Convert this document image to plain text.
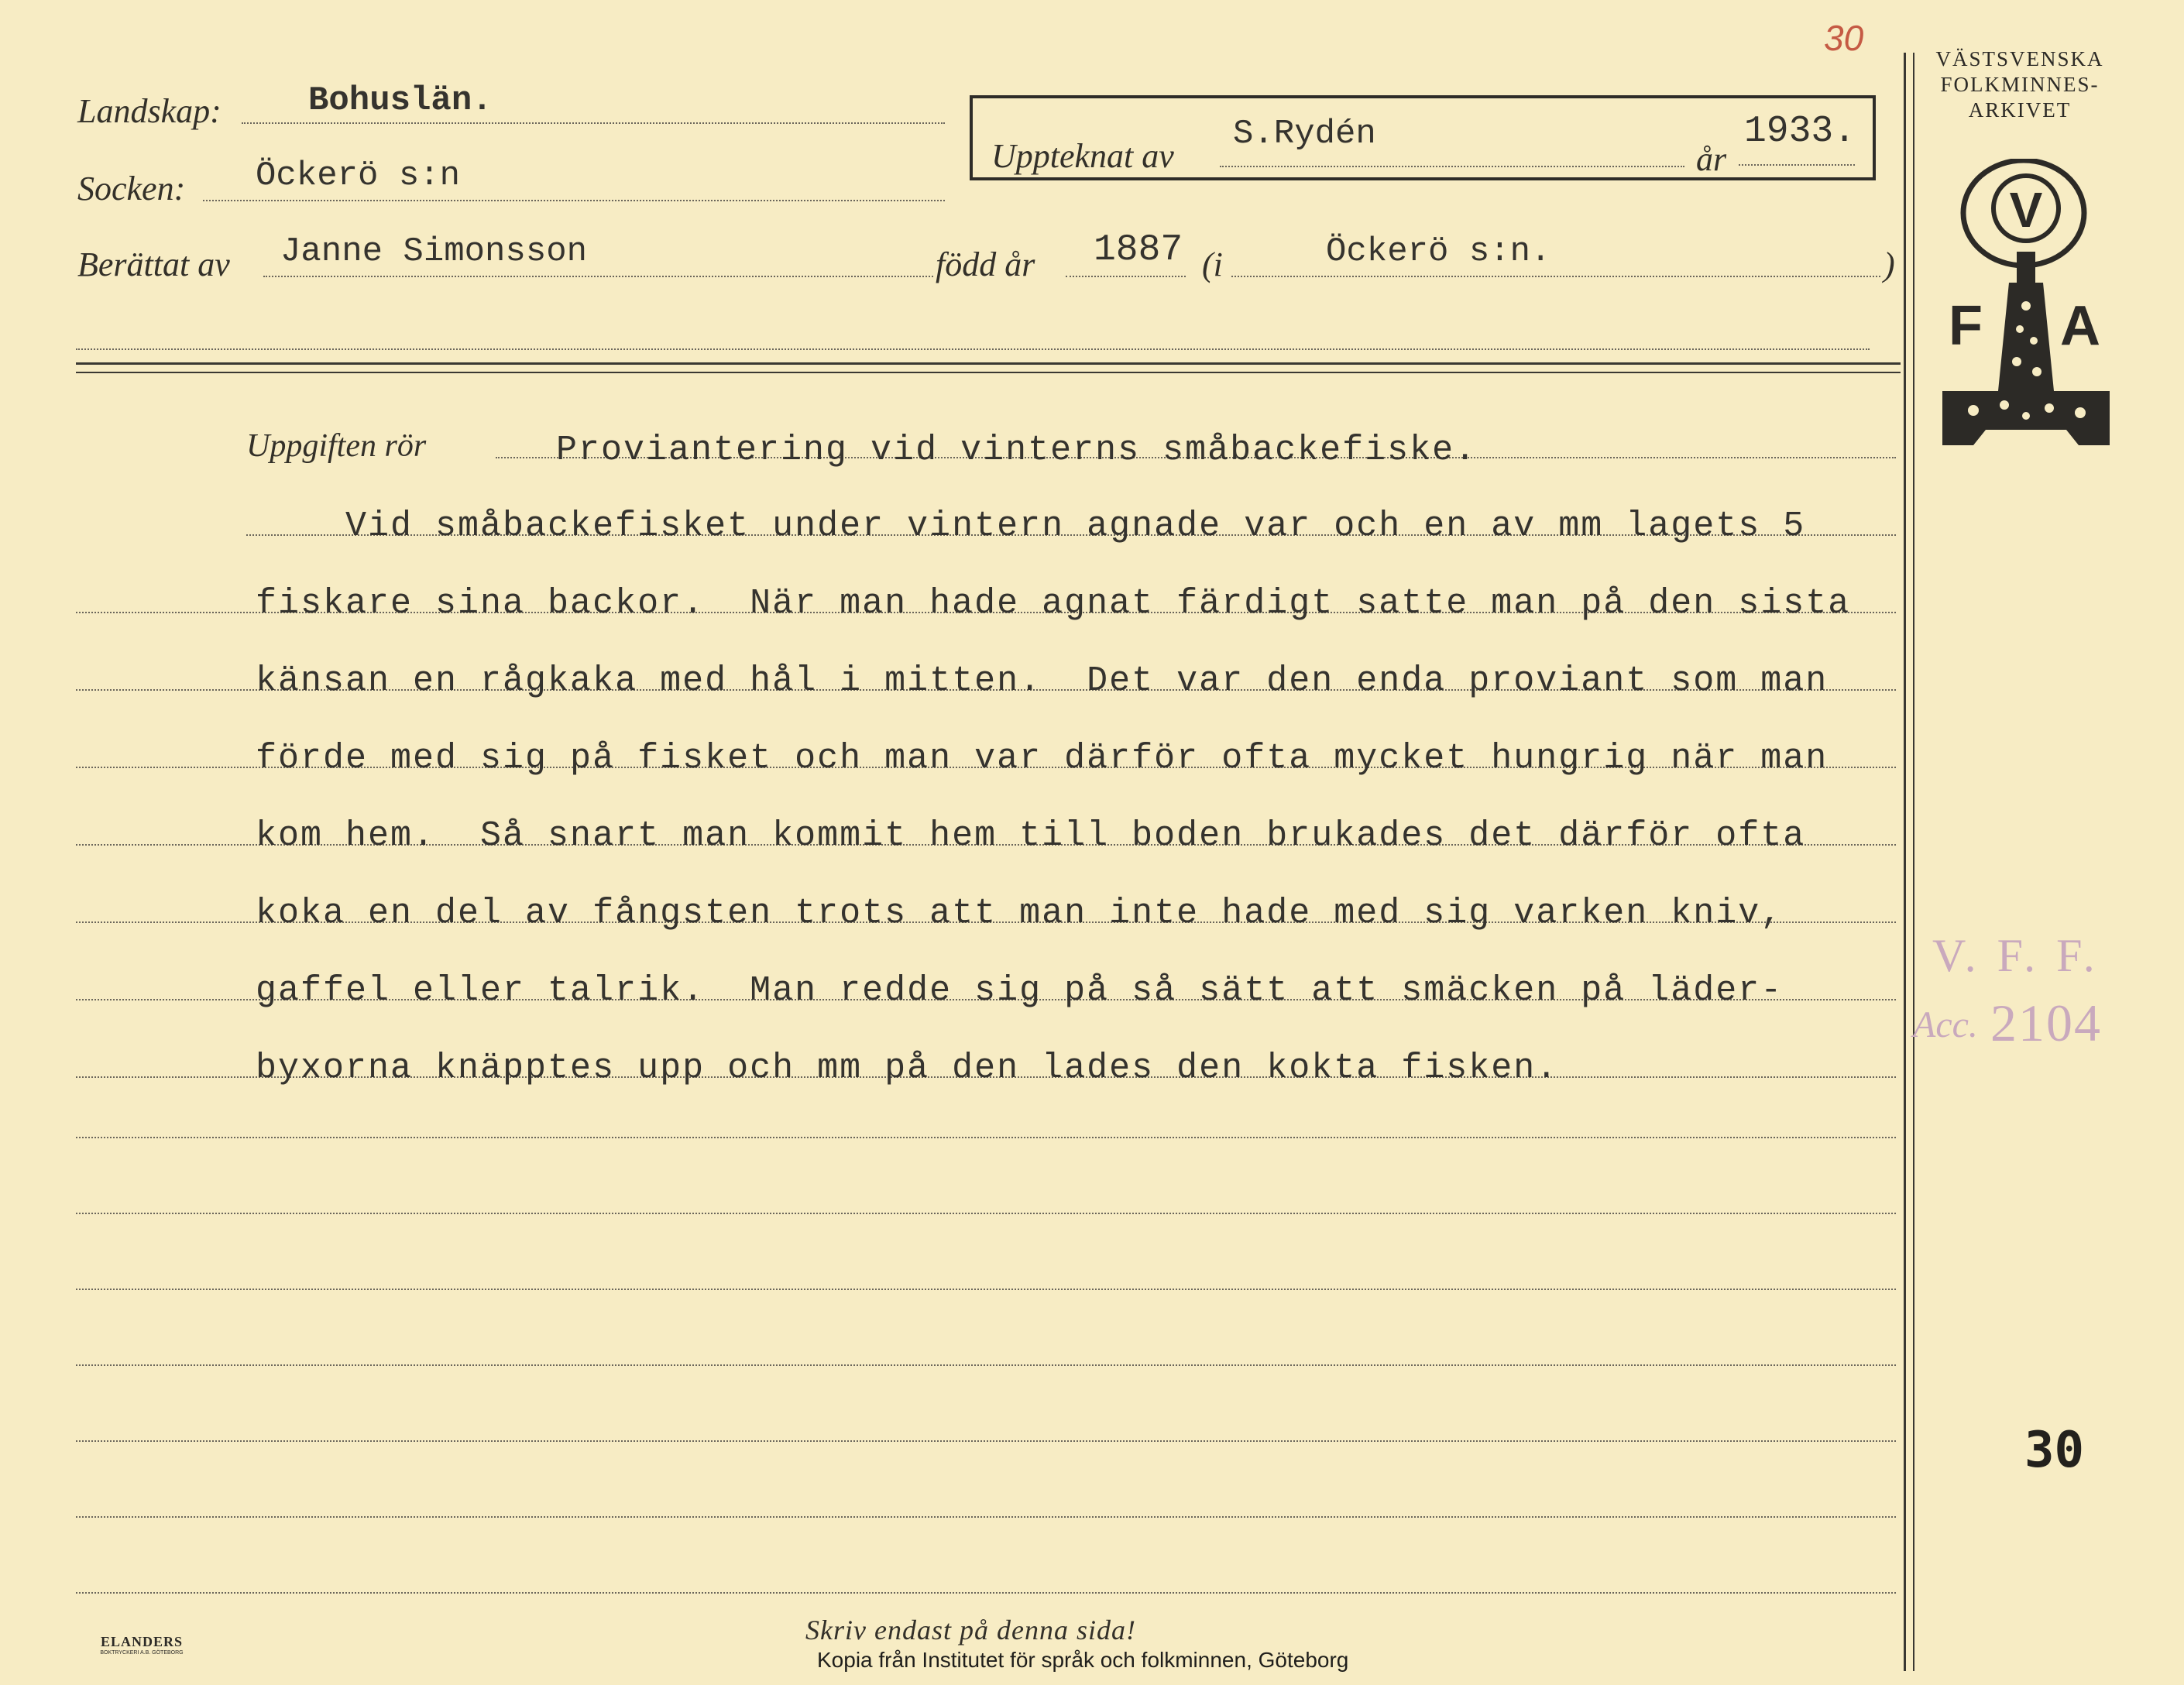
30
VÄSTSVENSKA
FOLKMINNES-
ARKIVET
V
F A
Landskap:	Bohuslän.
Socken: Öckerö s:n
Uppteknat av
S.Rydén
år
1933.
Berättat av Janne Simonsson	född år 1887 (i	Öckerö s:n.	)
Uppgiften rör	Proviantering vid vinterns småbackefiske.
Vid småbackefisket under vintern agnade var och en av mm lagets 5
fiskare sina backor.  När man hade agnat färdigt satte man på den sista
känsan en rågkaka med hål i mitten.  Det var den enda proviant som man
förde med sig på fisket och man var därför ofta mycket hungrig när man
kom hem.  Så snart man kommit hem till boden brukades det därför ofta
koka en del av fångsten trots att man inte hade med sig varken kniv,
gaffel eller talrik.  Man redde sig på så sätt att smäcken på läder-
byxorna knäpptes upp och mm på den lades den kokta fisken.
V. F. F.
Acc. 2104
30
ELANDERS
BOKTRYCKERI A.B. GÖTEBORG
Skriv endast på denna sida!
Kopia från Institutet för språk och folkminnen, Göteborg
